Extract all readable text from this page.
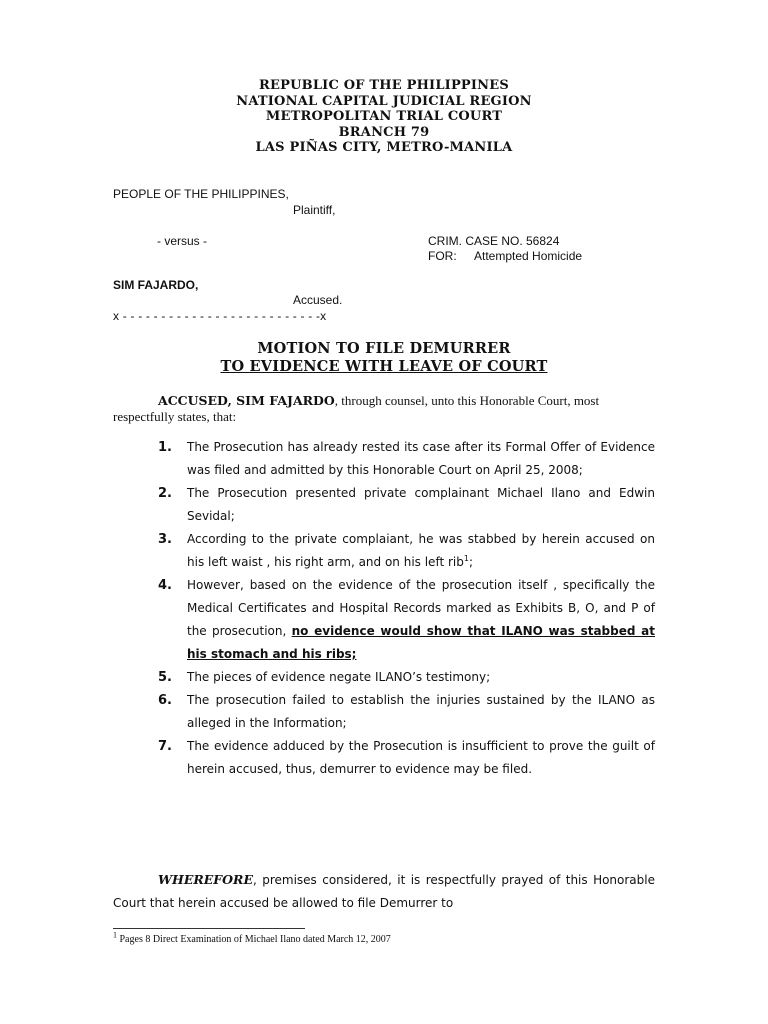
REPUBLIC OF THE PHILIPPINES
NATIONAL CAPITAL JUDICIAL REGION
METROPOLITAN TRIAL COURT
BRANCH 79
LAS PIÑAS CITY, METRO-MANILA
PEOPLE OF THE PHILIPPINES,
Plaintiff,
- versus -	CRIM. CASE NO. 56824
FOR: Attempted Homicide
SIM FAJARDO,
Accused.
x - - - - - - - - - - - - - - - - - - - - - - - - - -x
MOTION TO FILE DEMURRER
TO EVIDENCE WITH LEAVE OF COURT
ACCUSED, SIM FAJARDO, through counsel, unto this Honorable Court, most
respectfully states, that:
1. The Prosecution has already rested its case after its Formal Offer of Evidence was filed and admitted by this Honorable Court on April 25, 2008;
2. The Prosecution presented private complainant Michael Ilano and Edwin Sevidal;
3. According to the private complaiant, he was stabbed by herein accused on his left waist , his right arm, and on his left rib$^1$;
4. However, based on the evidence of the prosecution itself , specifically the Medical Certificates and Hospital Records marked as Exhibits B, O, and P of the prosecution, no evidence would show that ILANO was stabbed at his stomach and his ribs;
5. The pieces of evidence negate ILANO’s testimony;
6. The prosecution failed to establish the injuries sustained by the ILANO as alleged in the Information;
7. The evidence adduced by the Prosecution is insufficient to prove the guilt of herein accused, thus, demurrer to evidence may be filed.
WHEREFORE, premises considered, it is respectfully prayed of this Honorable Court that herein accused be allowed to file Demurrer to
$^1$ Pages 8 Direct Examination of Michael Ilano dated March 12, 2007
